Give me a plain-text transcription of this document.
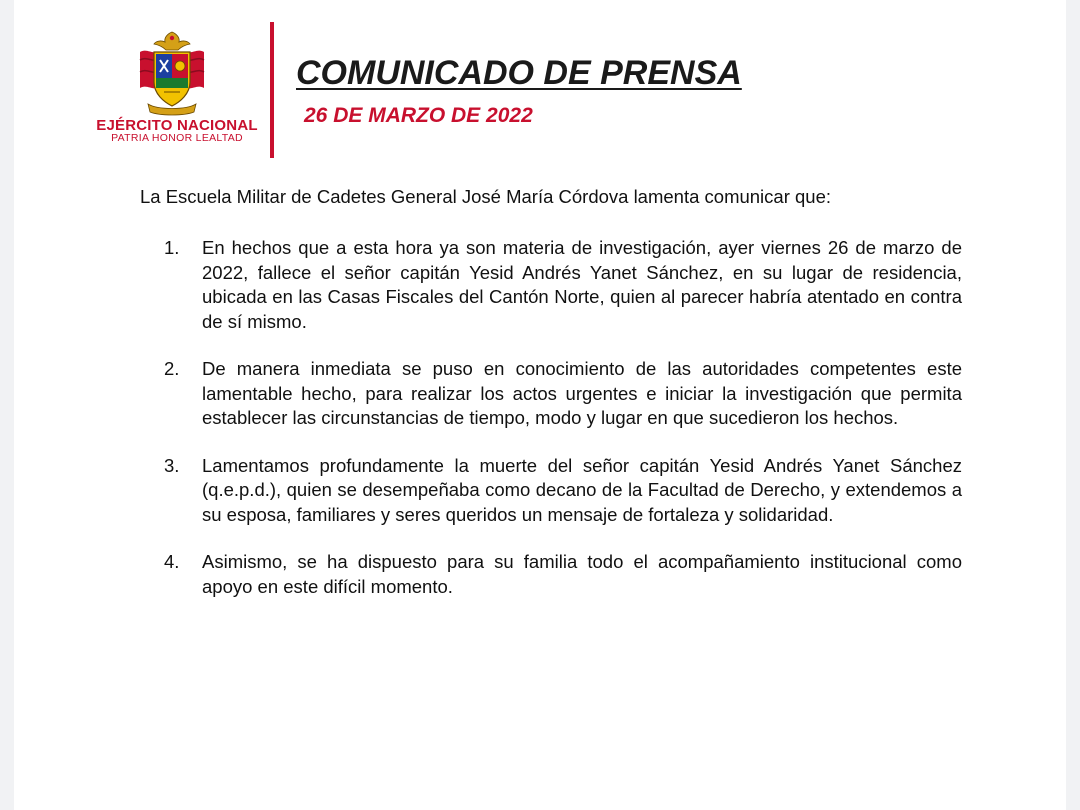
EJÉRCITO NACIONAL
PATRIA HONOR LEALTAD
COMUNICADO DE PRENSA
26 DE MARZO DE 2022
La Escuela Militar de Cadetes General José María Córdova lamenta comunicar que:
1. En hechos que a esta hora ya son materia de investigación, ayer viernes 26 de marzo de 2022, fallece el señor capitán Yesid Andrés Yanet Sánchez, en su lugar de residencia, ubicada en las Casas Fiscales del Cantón Norte, quien al parecer habría atentado en contra de sí mismo.
2. De manera inmediata se puso en conocimiento de las autoridades competentes este lamentable hecho, para realizar los actos urgentes e iniciar la investigación que permita establecer las circunstancias de tiempo, modo y lugar en que sucedieron los hechos.
3. Lamentamos profundamente la muerte del señor capitán Yesid Andrés Yanet Sánchez (q.e.p.d.), quien se desempeñaba como decano de la Facultad de Derecho, y extendemos a su esposa, familiares y seres queridos un mensaje de fortaleza y solidaridad.
4. Asimismo, se ha dispuesto para su familia todo el acompañamiento institucional como apoyo en este difícil momento.
